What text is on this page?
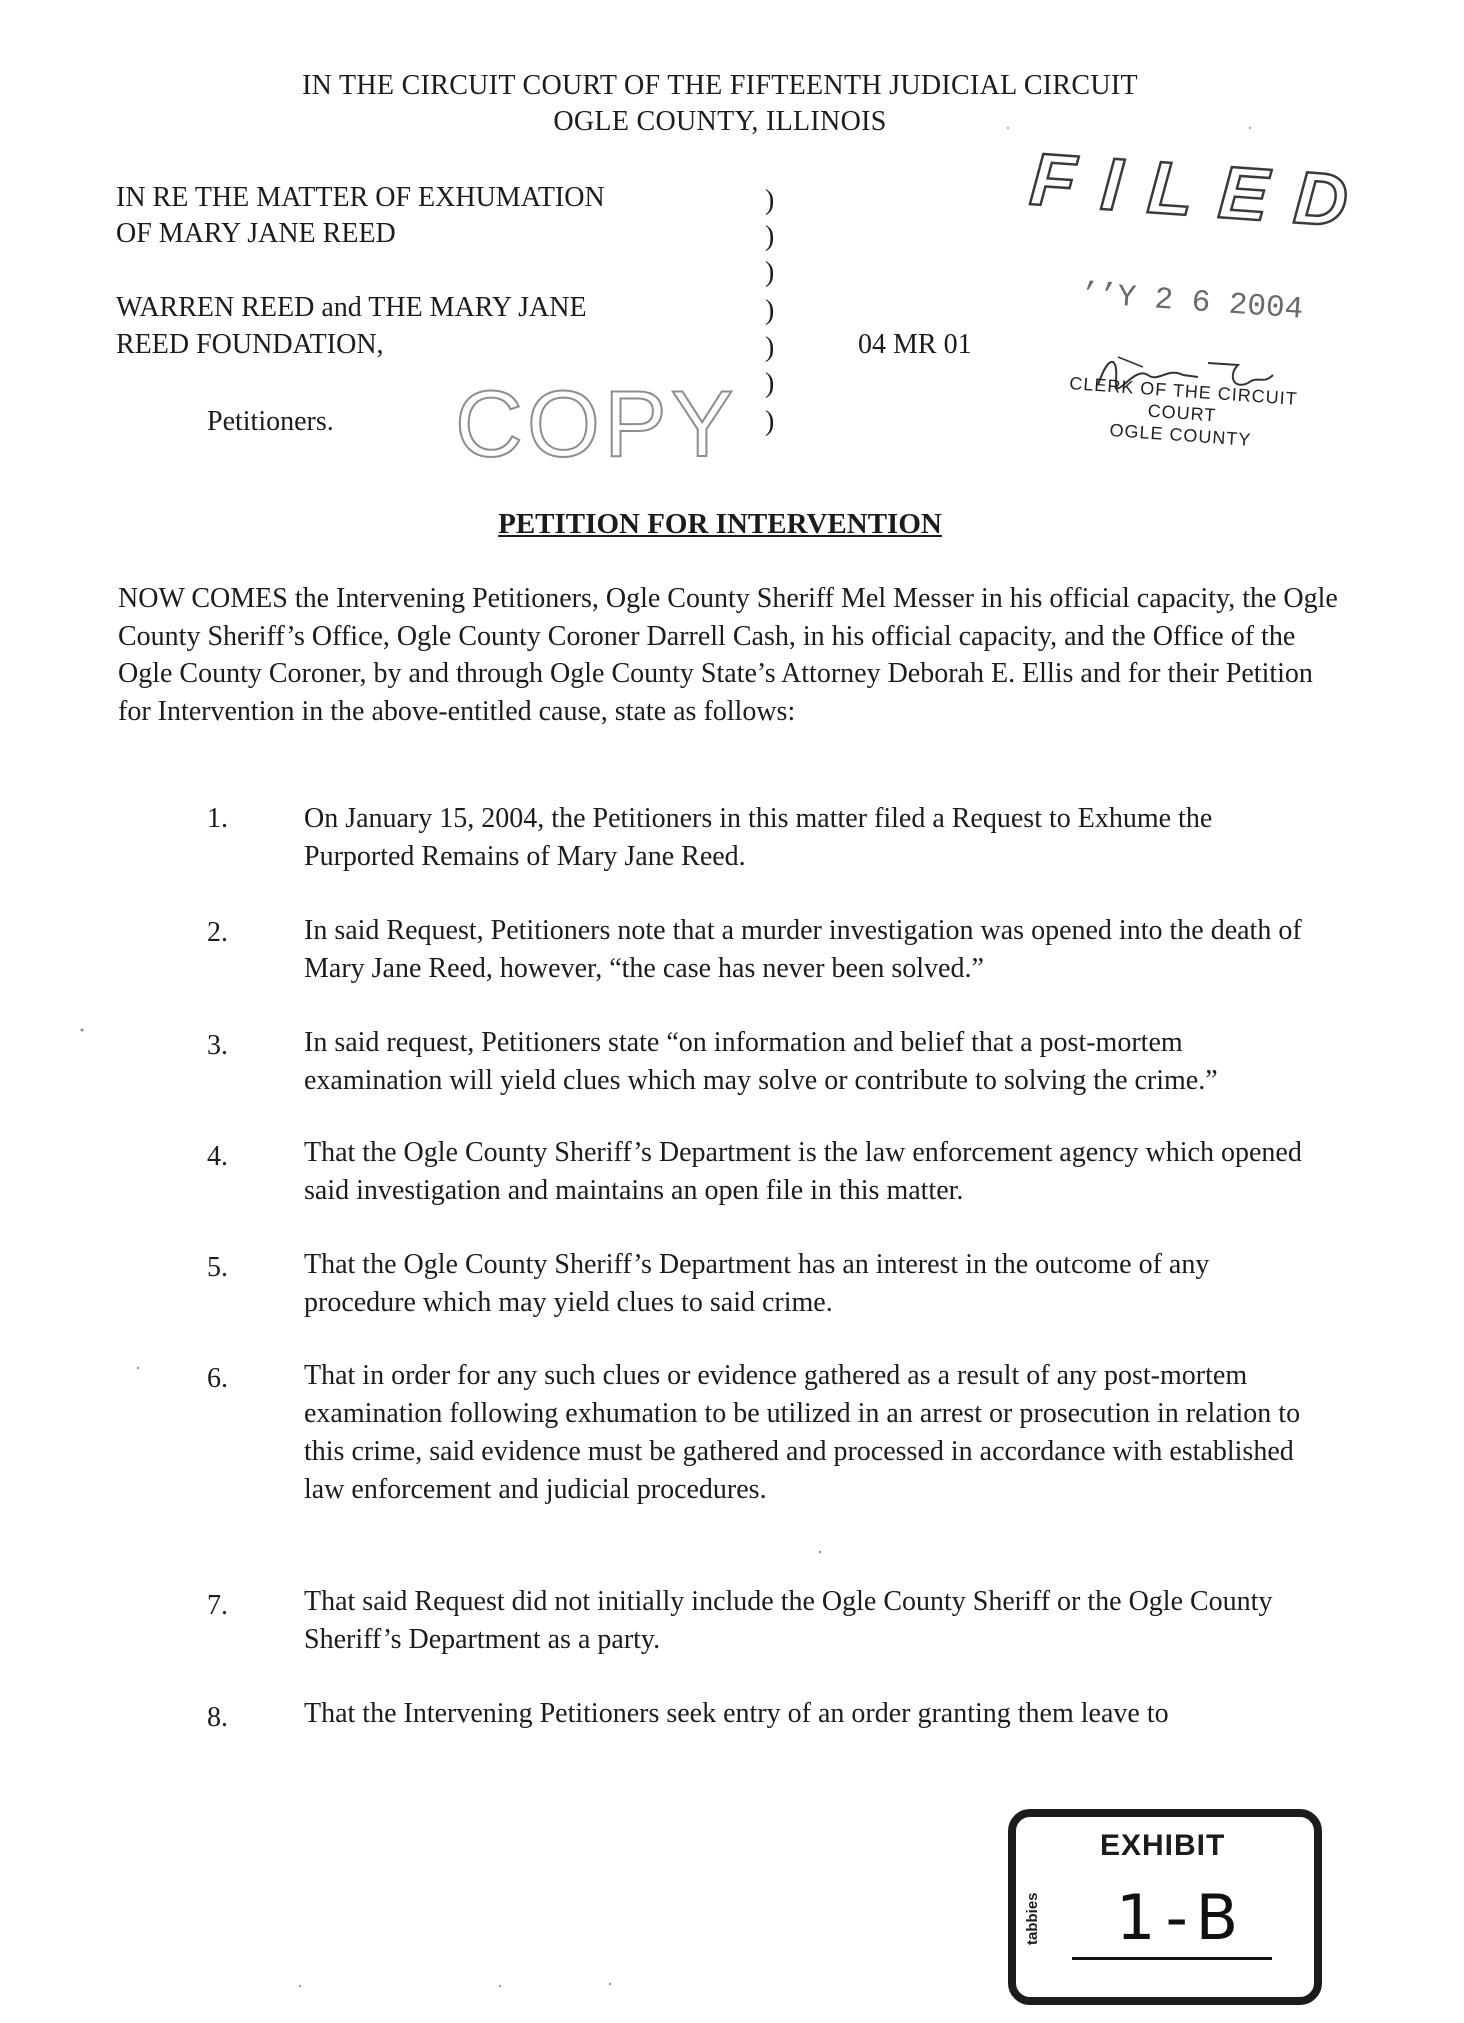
IN THE CIRCUIT COURT OF THE FIFTEENTH JUDICIAL CIRCUIT
OGLE COUNTY, ILLINOIS
IN RE THE MATTER OF EXHUMATION
OF MARY JANE REED
WARREN REED and THE MARY JANE
REED FOUNDATION,
Petitioners.
)
)
)
)
)
)
)
04 MR 01
COPY
FILED
’’Y 2 6 2004
CLERK OF THE CIRCUIT COURT
OGLE COUNTY
PETITION FOR INTERVENTION
NOW COMES the Intervening Petitioners, Ogle County Sheriff Mel Messer in his official capacity, the Ogle County Sheriff’s Office, Ogle County Coroner Darrell Cash, in his official capacity, and the Office of the Ogle County Coroner, by and through Ogle County State’s Attorney Deborah E. Ellis and for their Petition for Intervention in the above-entitled cause, state as follows:
1.	On January 15, 2004, the Petitioners in this matter filed a Request to Exhume the Purported Remains of Mary Jane Reed.
2.	In said Request, Petitioners note that a murder investigation was opened into the death of Mary Jane Reed, however, “the case has never been solved.”
3.	In said request, Petitioners state “on information and belief that a post-mortem examination will yield clues which may solve or contribute to solving the crime.”
4.	That the Ogle County Sheriff’s Department is the law enforcement agency which opened said investigation and maintains an open file in this matter.
5.	That the Ogle County Sheriff’s Department has an interest in the outcome of any procedure which may yield clues to said crime.
6.	That in order for any such clues or evidence gathered as a result of any post-mortem examination following exhumation to be utilized in an arrest or prosecution in relation to this crime, said evidence must be gathered and processed in accordance with established law enforcement and judicial procedures.
7.	That said Request did not initially include the Ogle County Sheriff or the Ogle County Sheriff’s Department as a party.
8.	That the Intervening Petitioners seek entry of an order granting them leave to
EXHIBIT
tabbies 1-B
